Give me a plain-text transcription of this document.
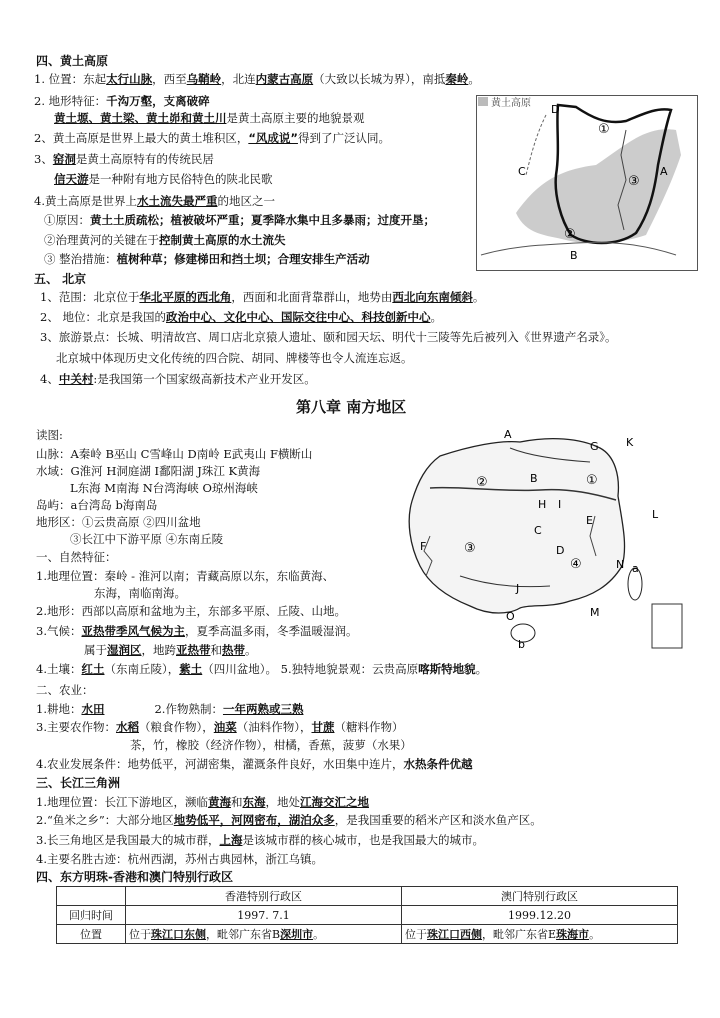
四、黄土高原
1. 位置：东起太行山脉，西至乌鞘岭，北连内蒙古高原（大致以长城为界），南抵秦岭。
2. 地形特征：千沟万壑，支离破碎
黄土塬、黄土梁、黄土峁和黄土川是黄土高原主要的地貌景观
2、黄土高原是世界上最大的黄土堆积区，“风成说”得到了广泛认同。
3、窑洞是黄土高原特有的传统民居
信天游是一种附有地方民俗特色的陕北民歌
4.黄土高原是世界上水土流失最严重的地区之一
①原因：黄土土质疏松；植被破坏严重；夏季降水集中且多暴雨；过度开垦；
②治理黄河的关键在于控制黄土高原的水土流失
③ 整治措施：植树种草；修建梯田和挡土坝；合理安排生产活动
黄土高原 D
①
C
③
A
②
B
五、 北京
1、范围：北京位于华北平原的西北角，西面和北面背靠群山，地势由西北向东南倾斜。
2、 地位：北京是我国的政治中心、文化中心、国际交往中心、科技创新中心。
3、旅游景点：长城、明清故宫、周口店北京猿人遗址、颐和园天坛、明代十三陵等先后被列入《世界遗产名录》。
北京城中体现历史文化传统的四合院、胡同、牌楼等也令人流连忘返。
4、中关村:是我国第一个国家级高新技术产业开发区。
第八章 南方地区
读图:
山脉：A秦岭 B巫山 C雪峰山 D南岭 E武夷山 F横断山
水域：G淮河 H洞庭湖 I鄱阳湖 J珠江 K黄海
L东海 M南海 N台湾海峡 O琼州海峡
岛屿：a台湾岛 b海南岛
地形区：①云贵高原 ②四川盆地
③长江中下游平原 ④东南丘陵
一、自然特征：
1.地理位置：秦岭 - 淮河以南；青藏高原以东，东临黄海、
东海，南临南海。
2.地形：西部以高原和盆地为主，东部多平原、丘陵、山地。
3.气候：亚热带季风气候为主，夏季高温多雨，冬季温暖湿润。
属于湿润区，地跨亚热带和热带。
4.土壤：红土（东南丘陵），紫土（四川盆地）。 5.独特地貌景观：云贵高原喀斯特地貌。
二、农业：
1.耕地：水田	2.作物熟制：一年两熟或三熟
3.主要农作物：水稻（粮食作物），油菜（油料作物），甘蔗（糖料作物）
茶，竹，橡胶（经济作物），柑橘，香蕉，菠萝（水果）
4.农业发展条件：地势低平，河湖密集，灌溉条件良好，水田集中连片，水热条件优越
三、长江三角洲
1.地理位置：长江下游地区，濒临黄海和东海，地处江海交汇之地
2.“鱼米之乡”：大部分地区地势低平，河网密布，湖泊众多，是我国重要的稻米产区和淡水鱼产区。
3.长三角地区是我国最大的城市群，上海是该城市群的核心城市，也是我国最大的城市。
4.主要名胜古迹：杭州西湖，苏州古典园林，浙江乌镇。
四、东方明珠-香港和澳门特别行政区
A
G K
②	B	①
L
H I
E
F
C
③	D
④	N
J
a
O	M
b
	香港特别行政区	澳门特别行政区
回归时间	1997. 7.1	1999.12.20
位置	位于珠江口东侧，毗邻广东省B深圳市。	位于珠江口西侧，毗邻广东省E珠海市。
